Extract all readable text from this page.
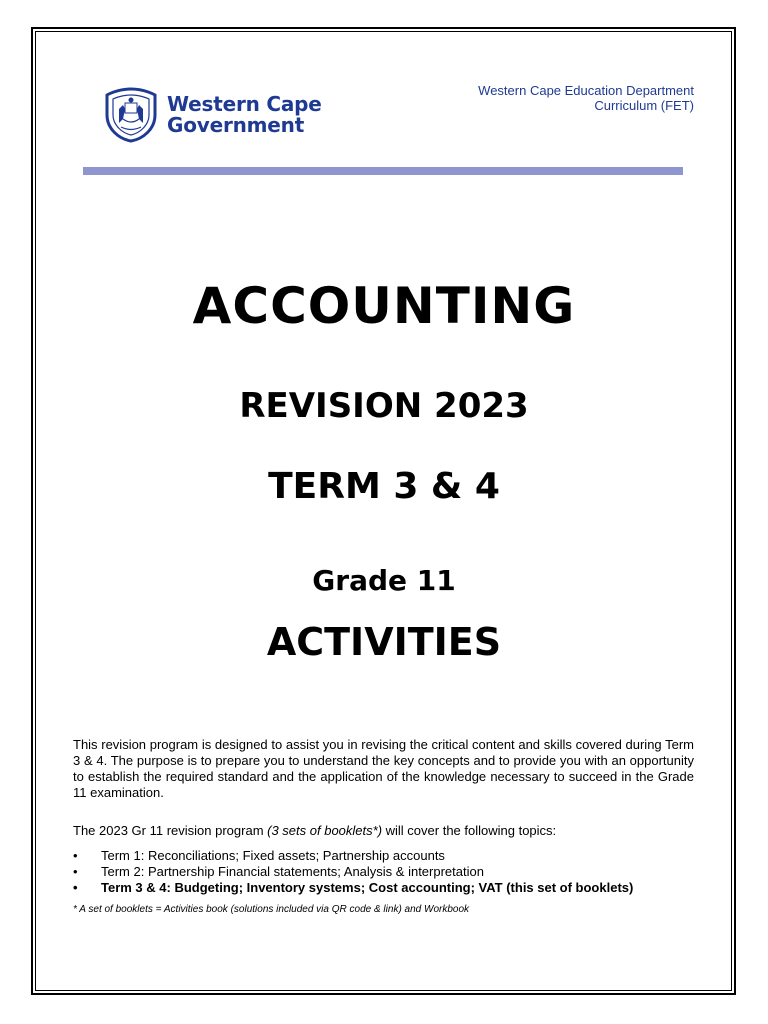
Western Cape
Government
Western Cape Education Department
Curriculum (FET)
ACCOUNTING
REVISION 2023
TERM 3 & 4
Grade 11
ACTIVITIES
This revision program is designed to assist you in revising the critical content and skills covered during Term 3 & 4. The purpose is to prepare you to understand the key concepts and to provide you with an opportunity to establish the required standard and the application of the knowledge necessary to succeed in the Grade 11 examination.
The 2023 Gr 11 revision program (3 sets of booklets*) will cover the following topics:
• Term 1: Reconciliations; Fixed assets; Partnership accounts
• Term 2: Partnership Financial statements; Analysis & interpretation
• Term 3 & 4: Budgeting; Inventory systems; Cost accounting; VAT (this set of booklets)
* A set of booklets = Activities book (solutions included via QR code & link) and Workbook
